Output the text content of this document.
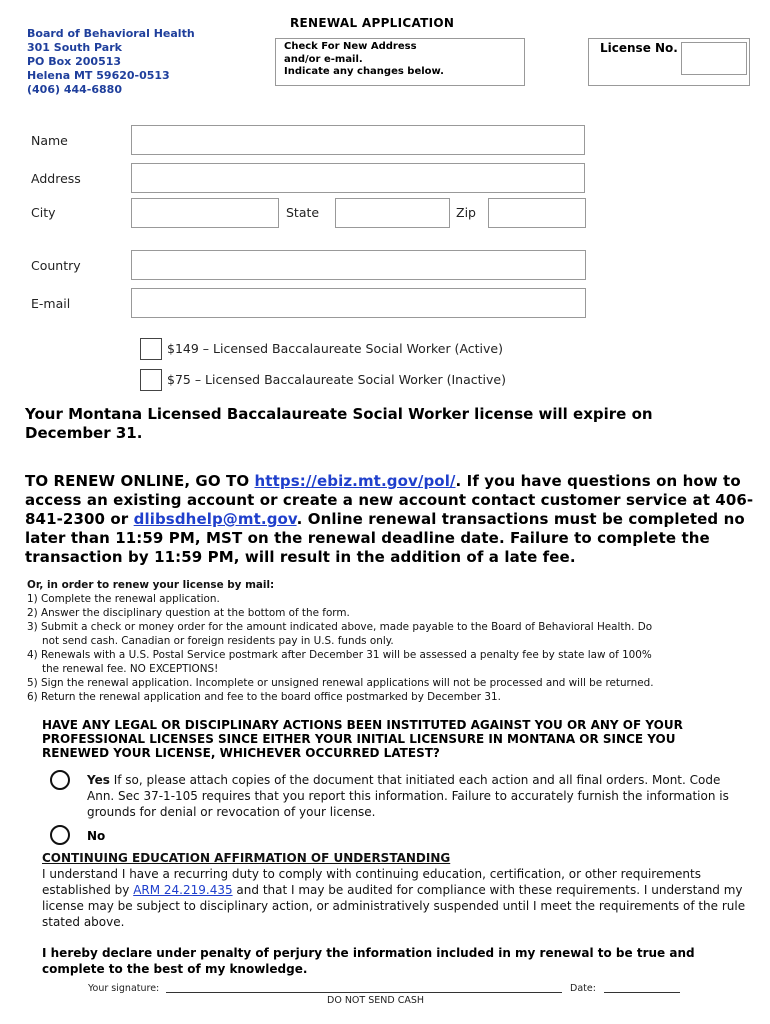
Board of Behavioral Health
301 South Park
PO Box 200513
Helena MT 59620-0513
(406) 444-6880
RENEWAL APPLICATION
Check For New Address
and/or e-mail.
Indicate any changes below.
License No.
Name
Address
City	State	Zip
Country
E-mail
$149 – Licensed Baccalaureate Social Worker (Active)
$75 – Licensed Baccalaureate Social Worker (Inactive)
Your Montana Licensed Baccalaureate Social Worker license will expire on December 31.
TO RENEW ONLINE, GO TO https://ebiz.mt.gov/pol/. If you have questions on how to access an existing account or create a new account contact customer service at 406-841-2300 or dlibsdhelp@mt.gov. Online renewal transactions must be completed no later than 11:59 PM, MST on the renewal deadline date. Failure to complete the transaction by 11:59 PM, will result in the addition of a late fee.
Or, in order to renew your license by mail:
1) Complete the renewal application.
2) Answer the disciplinary question at the bottom of the form.
3) Submit a check or money order for the amount indicated above, made payable to the Board of Behavioral Health. Do
not send cash. Canadian or foreign residents pay in U.S. funds only.
4) Renewals with a U.S. Postal Service postmark after December 31 will be assessed a penalty fee by state law of 100%
the renewal fee. NO EXCEPTIONS!
5) Sign the renewal application. Incomplete or unsigned renewal applications will not be processed and will be returned.
6) Return the renewal application and fee to the board office postmarked by December 31.
HAVE ANY LEGAL OR DISCIPLINARY ACTIONS BEEN INSTITUTED AGAINST YOU OR ANY OF YOUR PROFESSIONAL LICENSES SINCE EITHER YOUR INITIAL LICENSURE IN MONTANA OR SINCE YOU RENEWED YOUR LICENSE, WHICHEVER OCCURRED LATEST?
Yes If so, please attach copies of the document that initiated each action and all final orders. Mont. Code Ann. Sec 37-1-105 requires that you report this information. Failure to accurately furnish the information is grounds for denial or revocation of your license.
No
CONTINUING EDUCATION AFFIRMATION OF UNDERSTANDING
I understand I have a recurring duty to comply with continuing education, certification, or other requirements established by ARM 24.219.435 and that I may be audited for compliance with these requirements. I understand my license may be subject to disciplinary action, or administratively suspended until I meet the requirements of the rule stated above.
I hereby declare under penalty of perjury the information included in my renewal to be true and complete to the best of my knowledge.
Your signature:	Date:
DO NOT SEND CASH
